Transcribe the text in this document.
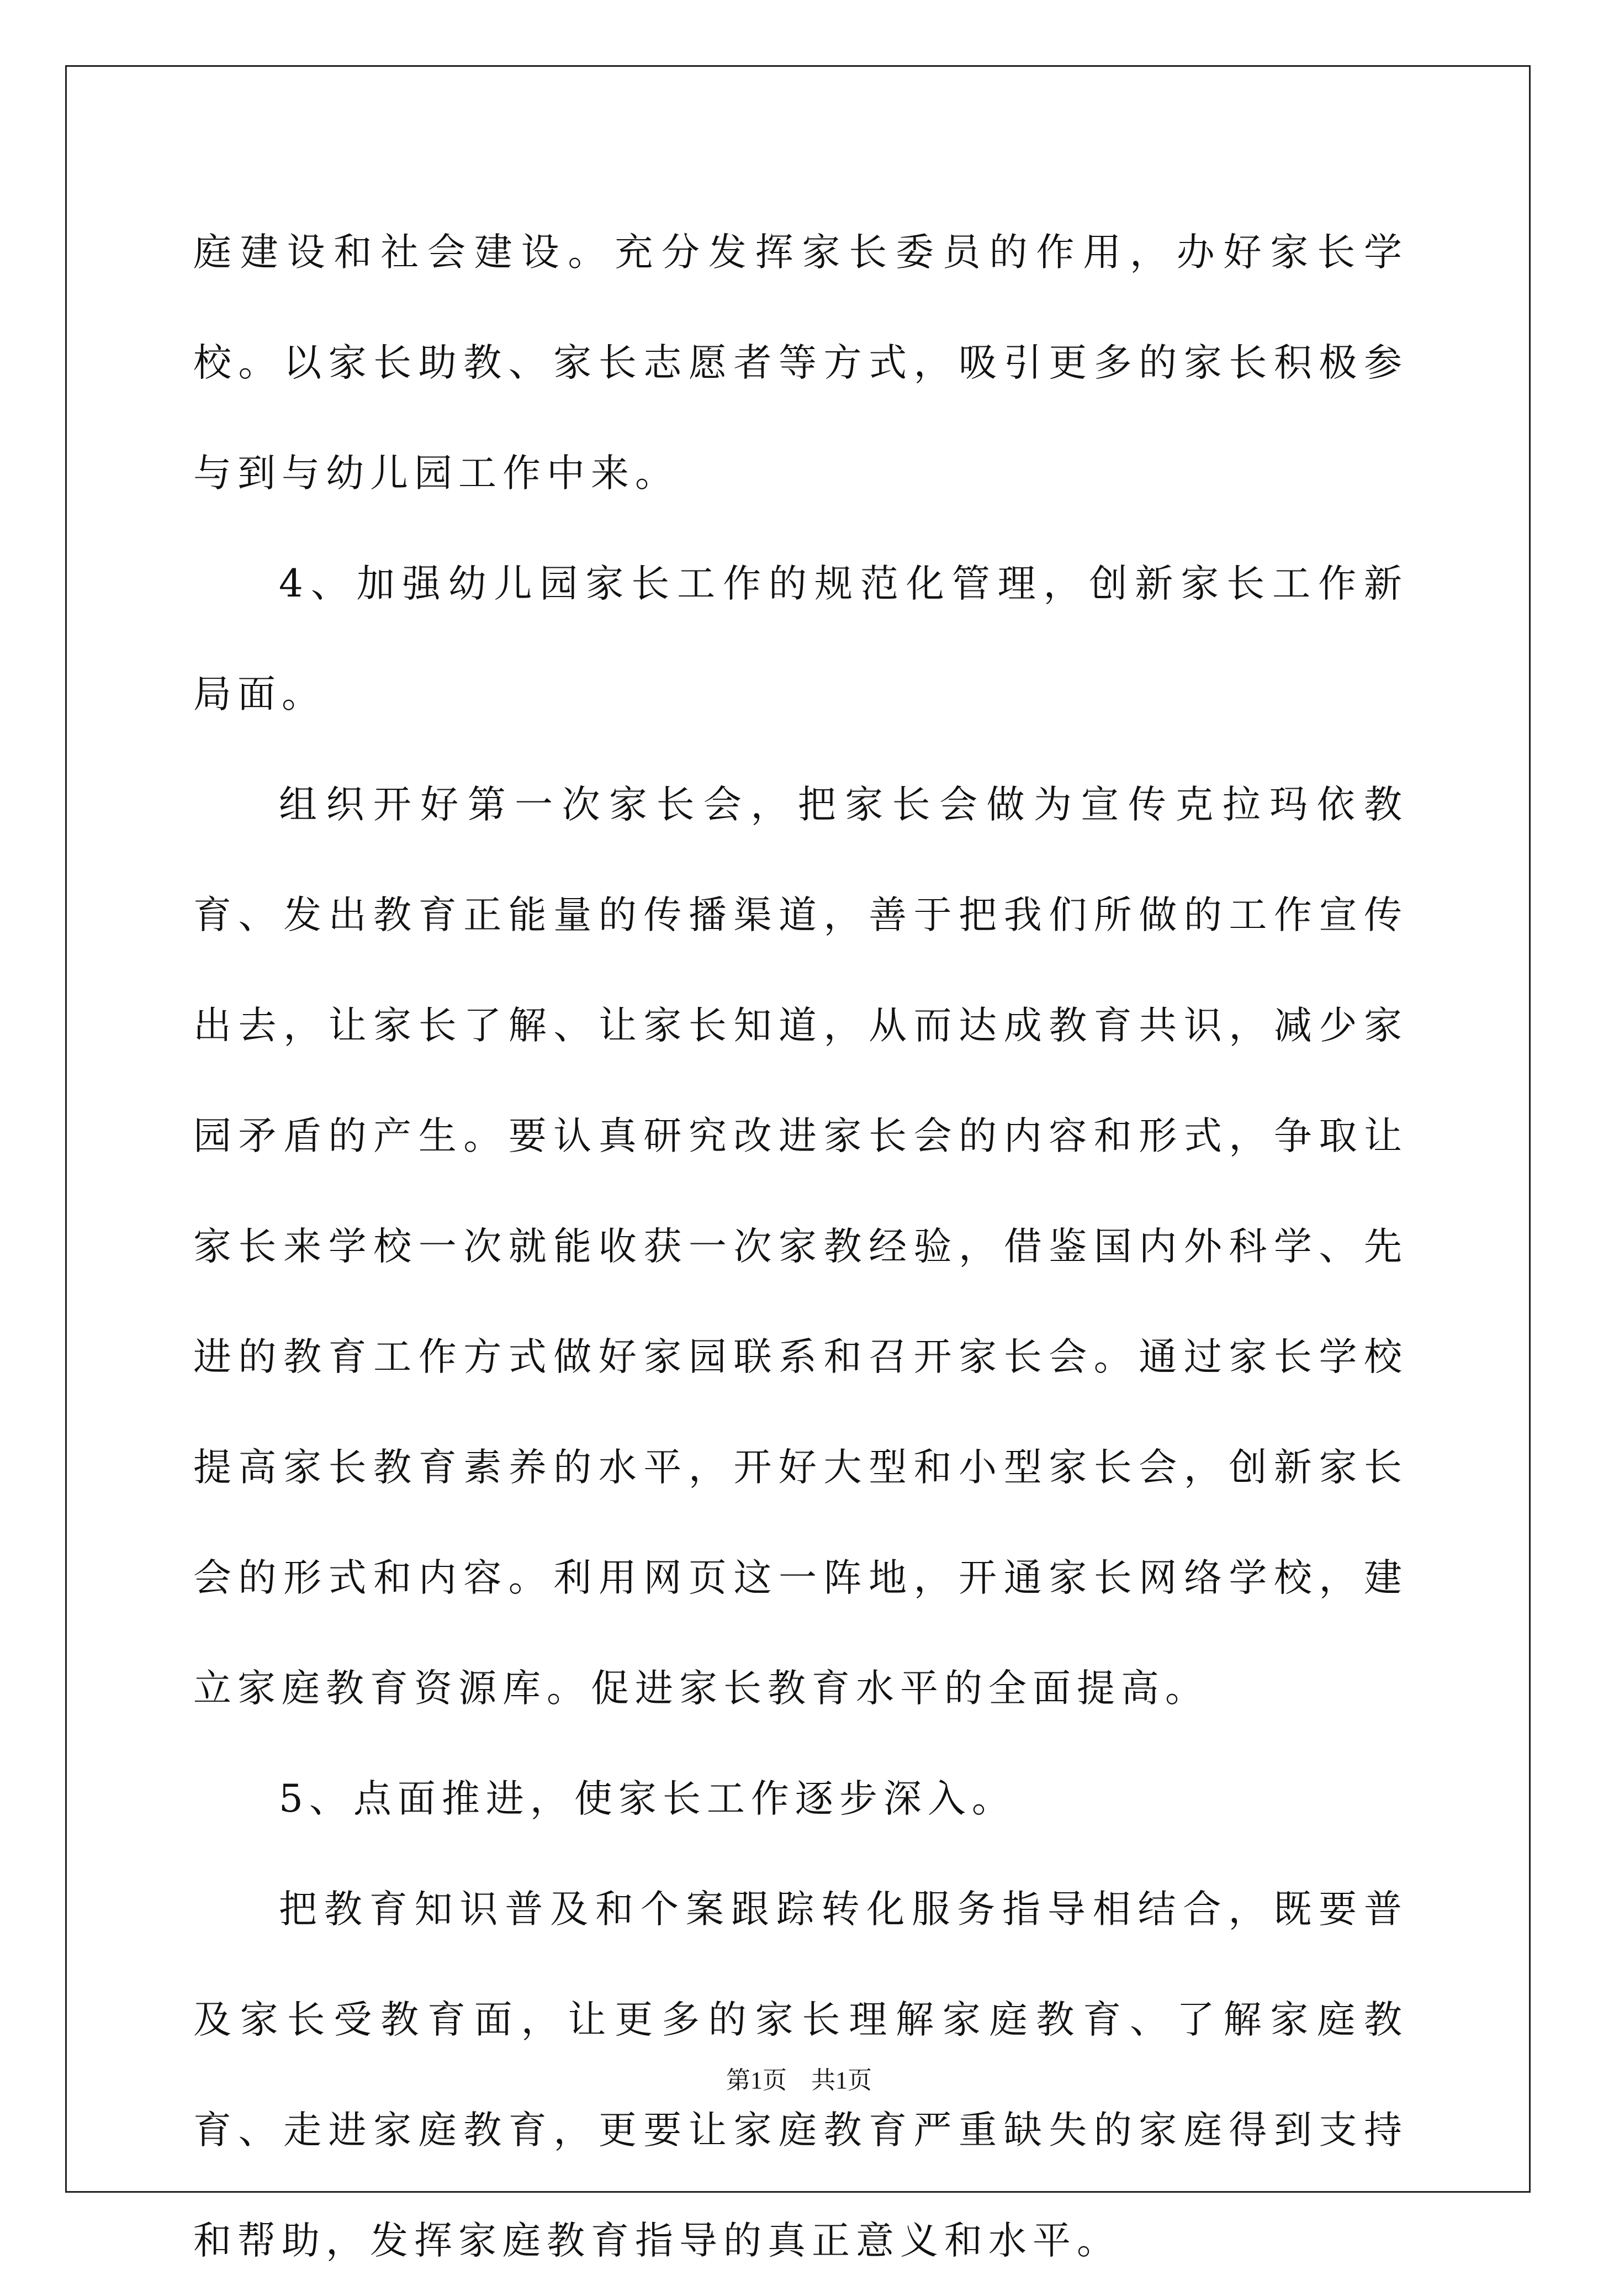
庭建设和社会建设。充分发挥家长委员的作用，办好家长学校。以家长助教、家长志愿者等方式，吸引更多的家长积极参与到与幼儿园工作中来。

4、加强幼儿园家长工作的规范化管理，创新家长工作新局面。

组织开好第一次家长会，把家长会做为宣传克拉玛依教育、发出教育正能量的传播渠道，善于把我们所做的工作宣传出去，让家长了解、让家长知道，从而达成教育共识，减少家园矛盾的产生。要认真研究改进家长会的内容和形式，争取让家长来学校一次就能收获一次家教经验，借鉴国内外科学、先进的教育工作方式做好家园联系和召开家长会。通过家长学校提高家长教育素养的水平，开好大型和小型家长会，创新家长会的形式和内容。利用网页这一阵地，开通家长网络学校，建立家庭教育资源库。促进家长教育水平的全面提高。

5、点面推进，使家长工作逐步深入。

把教育知识普及和个案跟踪转化服务指导相结合，既要普及家长受教育面，让更多的家长理解家庭教育、了解家庭教育、走进家庭教育，更要让家庭教育严重缺失的家庭得到支持和帮助，发挥家庭教育指导的真正意义和水平。

第1页　共1页
